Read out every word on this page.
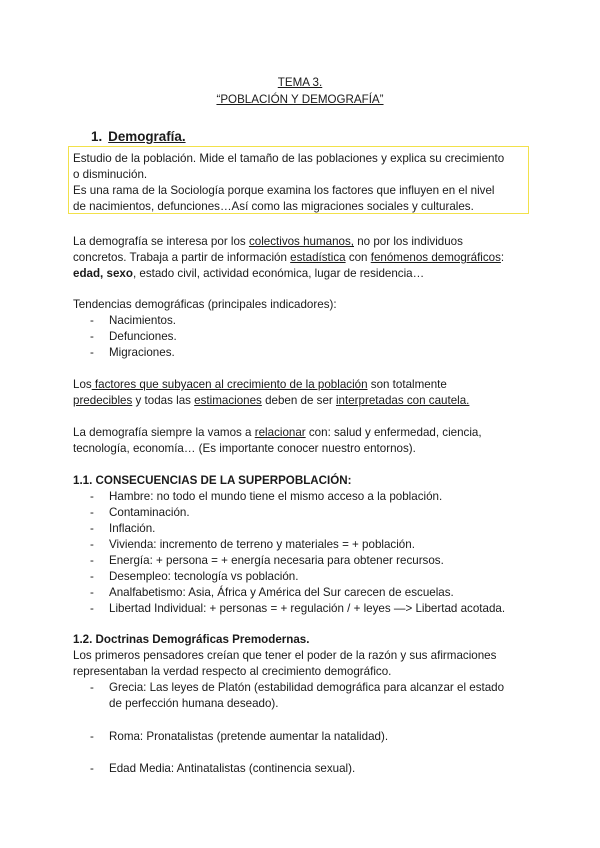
TEMA 3.
“POBLACIÓN Y DEMOGRAFÍA”
1. Demografía.
Estudio de la población. Mide el tamaño de las poblaciones y explica su crecimiento
o disminución.
Es una rama de la Sociología porque examina los factores que influyen en el nivel
de nacimientos, defunciones…Así como las migraciones sociales y culturales.
La demografía se interesa por los colectivos humanos, no por los individuos
concretos. Trabaja a partir de información estadística con fenómenos demográficos:
edad, sexo, estado civil, actividad económica, lugar de residencia…
Tendencias demográficas (principales indicadores):
- Nacimientos.
- Defunciones.
- Migraciones.
Los factores que subyacen al crecimiento de la población son totalmente
predecibles y todas las estimaciones deben de ser interpretadas con cautela.
La demografía siempre la vamos a relacionar con: salud y enfermedad, ciencia,
tecnología, economía… (Es importante conocer nuestro entornos).
1.1. CONSECUENCIAS DE LA SUPERPOBLACIÓN:
- Hambre: no todo el mundo tiene el mismo acceso a la población.
- Contaminación.
- Inflación.
- Vivienda: incremento de terreno y materiales = + población.
- Energía: + persona = + energía necesaria para obtener recursos.
- Desempleo: tecnología vs población.
- Analfabetismo: Asia, África y América del Sur carecen de escuelas.
- Libertad Individual: + personas = + regulación / + leyes —> Libertad acotada.
1.2. Doctrinas Demográficas Premodernas.
Los primeros pensadores creían que tener el poder de la razón y sus afirmaciones
representaban la verdad respecto al crecimiento demográfico.
- Grecia: Las leyes de Platón (estabilidad demográfica para alcanzar el estado
de perfección humana deseado).
- Roma: Pronatalistas (pretende aumentar la natalidad).
- Edad Media: Antinatalistas (continencia sexual).
